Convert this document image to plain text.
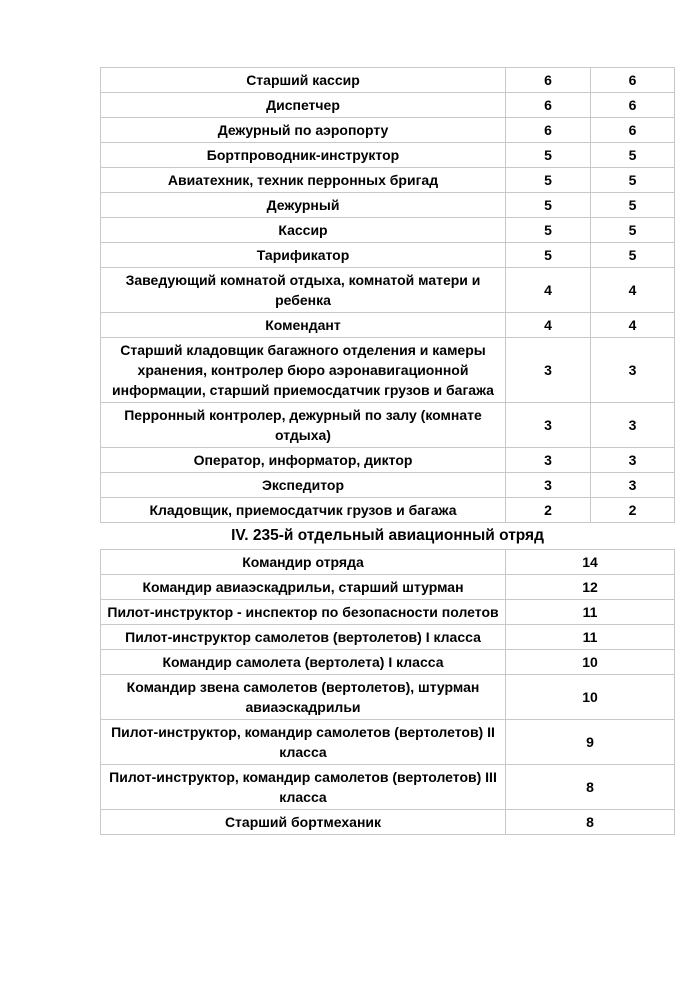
Старший кассир	6	6
Диспетчер	6	6
Дежурный по аэропорту	6	6
Бортпроводник-инструктор	5	5
Авиатехник, техник перронных бригад	5	5
Дежурный	5	5
Кассир	5	5
Тарификатор	5	5
Заведующий комнатой отдыха, комнатой матери и ребенка	4	4
Комендант	4	4
Старший кладовщик багажного отделения и камеры хранения, контролер бюро аэронавигационной информации, старший приемосдатчик грузов и багажа	3	3
Перронный контролер, дежурный по залу (комнате отдыха)	3	3
Оператор, информатор, диктор	3	3
Экспедитор	3	3
Кладовщик, приемосдатчик грузов и багажа	2	2
IV. 235-й отдельный авиационный отряд		
Командир отряда	14	
Командир авиаэскадрильи, старший штурман	12	
Пилот-инструктор - инспектор по безопасности полетов	11	
Пилот-инструктор самолетов (вертолетов) I класса	11	
Командир самолета (вертолета) I класса	10	
Командир звена самолетов (вертолетов), штурман авиаэскадрильи	10	
Пилот-инструктор, командир самолетов (вертолетов) II класса	9	
Пилот-инструктор, командир самолетов (вертолетов) III класса	8	
Старший бортмеханик	8	
